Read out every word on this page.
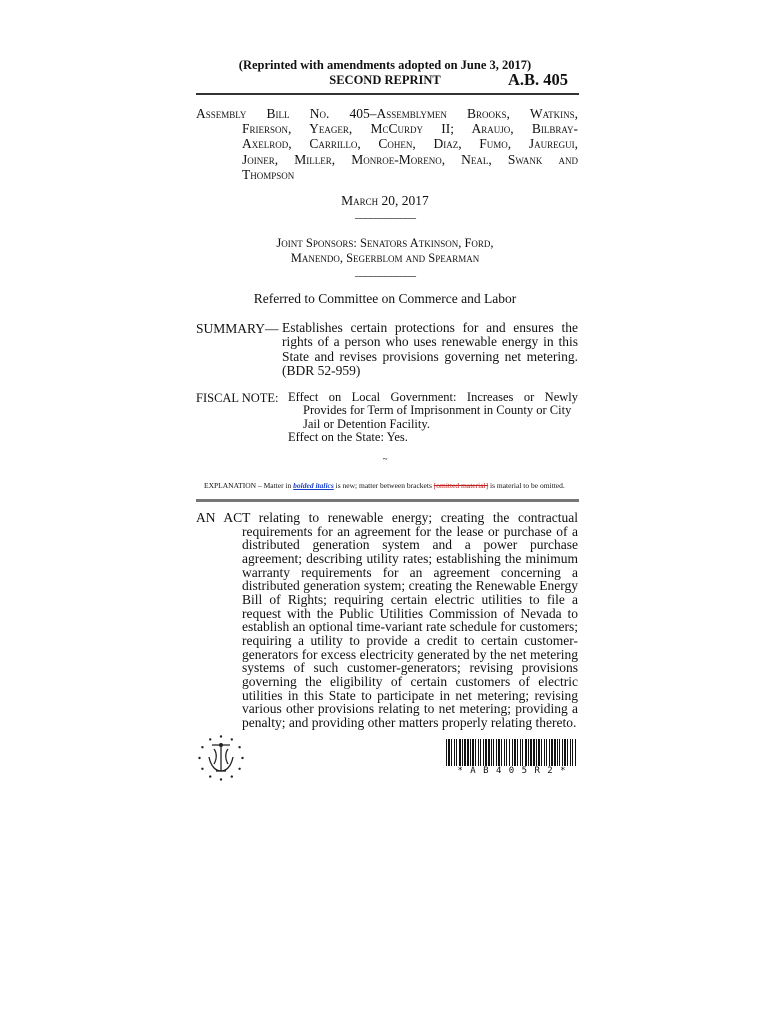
(Reprinted with amendments adopted on June 3, 2017)
SECOND REPRINT	A.B. 405
Assembly Bill No. 405–Assemblymen Brooks, Watkins,
Frierson, Yeager, McCurdy II; Araujo, Bilbray-
Axelrod, Carrillo, Cohen, Diaz, Fumo, Jauregui,
Joiner, Miller, Monroe-Moreno, Neal, Swank and
Thompson
March 20, 2017
____________
Joint Sponsors: Senators Atkinson, Ford,
Manendo, Segerblom and Spearman
____________
Referred to Committee on Commerce and Labor
SUMMARY— Establishes certain protections for and ensures the rights of a person who uses renewable energy in this State and revises provisions governing net metering. (BDR 52-959)
FISCAL NOTE: Effect on Local Government: Increases or Newly
Provides for Term of Imprisonment in County or City
Jail or Detention Facility.
Effect on the State: Yes.
~
EXPLANATION – Matter in bolded italics is new; matter between brackets [omitted material] is material to be omitted.
AN ACT relating to renewable energy; creating the contractual
requirements for an agreement for the lease or purchase of a
distributed generation system and a power purchase
agreement; describing utility rates; establishing the minimum
warranty requirements for an agreement concerning a
distributed generation system; creating the Renewable Energy
Bill of Rights; requiring certain electric utilities to file a
request with the Public Utilities Commission of Nevada to
establish an optional time-variant rate schedule for customers;
requiring a utility to provide a credit to certain customer-
generators for excess electricity generated by the net metering
systems of such customer-generators; revising provisions
governing the eligibility of certain customers of electric
utilities in this State to participate in net metering; revising
various other provisions relating to net metering; providing a
penalty; and providing other matters properly relating thereto.
* A B 4 0 5 R 2 *
